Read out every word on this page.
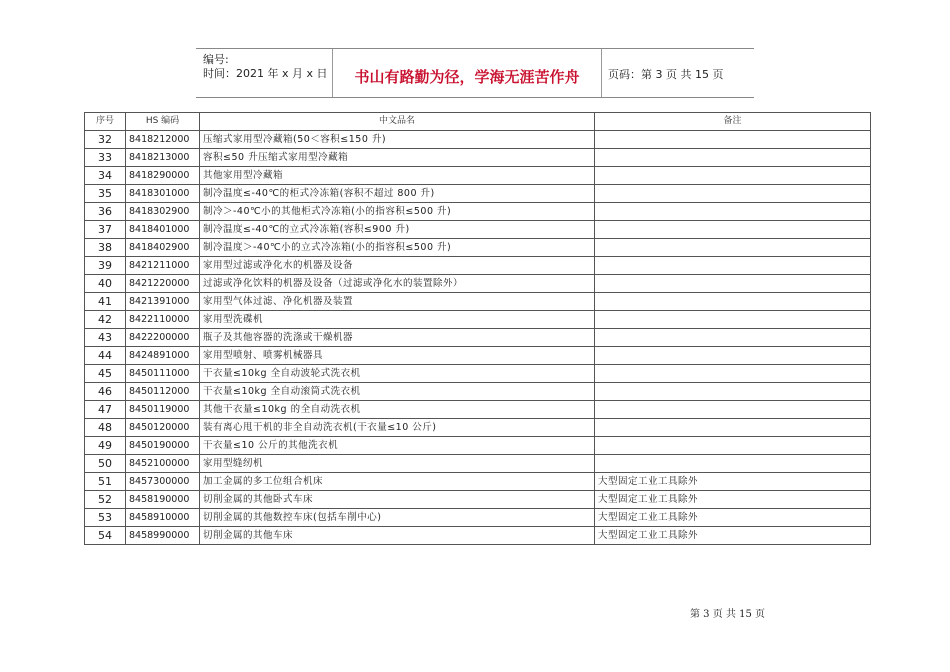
编号:
时间：2021 年 x 月 x 日	书山有路勤为径，学海无涯苦作舟	页码：第 3 页 共 15 页
序号	HS 编码	中文品名	备注
32	8418212000	压缩式家用型冷藏箱(50＜容积≤150 升)	
33	8418213000	容积≤50 升压缩式家用型冷藏箱	
34	8418290000	其他家用型冷藏箱	
35	8418301000	制冷温度≤-40℃的柜式冷冻箱(容积不超过 800 升)	
36	8418302900	制冷＞-40℃小的其他柜式冷冻箱(小的指容积≤500 升)	
37	8418401000	制冷温度≤-40℃的立式冷冻箱(容积≤900 升)	
38	8418402900	制冷温度＞-40℃小的立式冷冻箱(小的指容积≤500 升)	
39	8421211000	家用型过滤或净化水的机器及设备	
40	8421220000	过滤或净化饮料的机器及设备（过滤或净化水的装置除外）	
41	8421391000	家用型气体过滤、净化机器及装置	
42	8422110000	家用型洗碟机	
43	8422200000	瓶子及其他容器的洗涤或干燥机器	
44	8424891000	家用型喷射、喷雾机械器具	
45	8450111000	干衣量≤10kg 全自动波轮式洗衣机	
46	8450112000	干衣量≤10kg 全自动滚筒式洗衣机	
47	8450119000	其他干衣量≤10kg 的全自动洗衣机	
48	8450120000	装有离心甩干机的非全自动洗衣机(干衣量≤10 公斤)	
49	8450190000	干衣量≤10 公斤的其他洗衣机	
50	8452100000	家用型缝纫机	
51	8457300000	加工金属的多工位组合机床	大型固定工业工具除外
52	8458190000	切削金属的其他卧式车床	大型固定工业工具除外
53	8458910000	切削金属的其他数控车床(包括车削中心)	大型固定工业工具除外
54	8458990000	切削金属的其他车床	大型固定工业工具除外
第 3 页 共 15 页
